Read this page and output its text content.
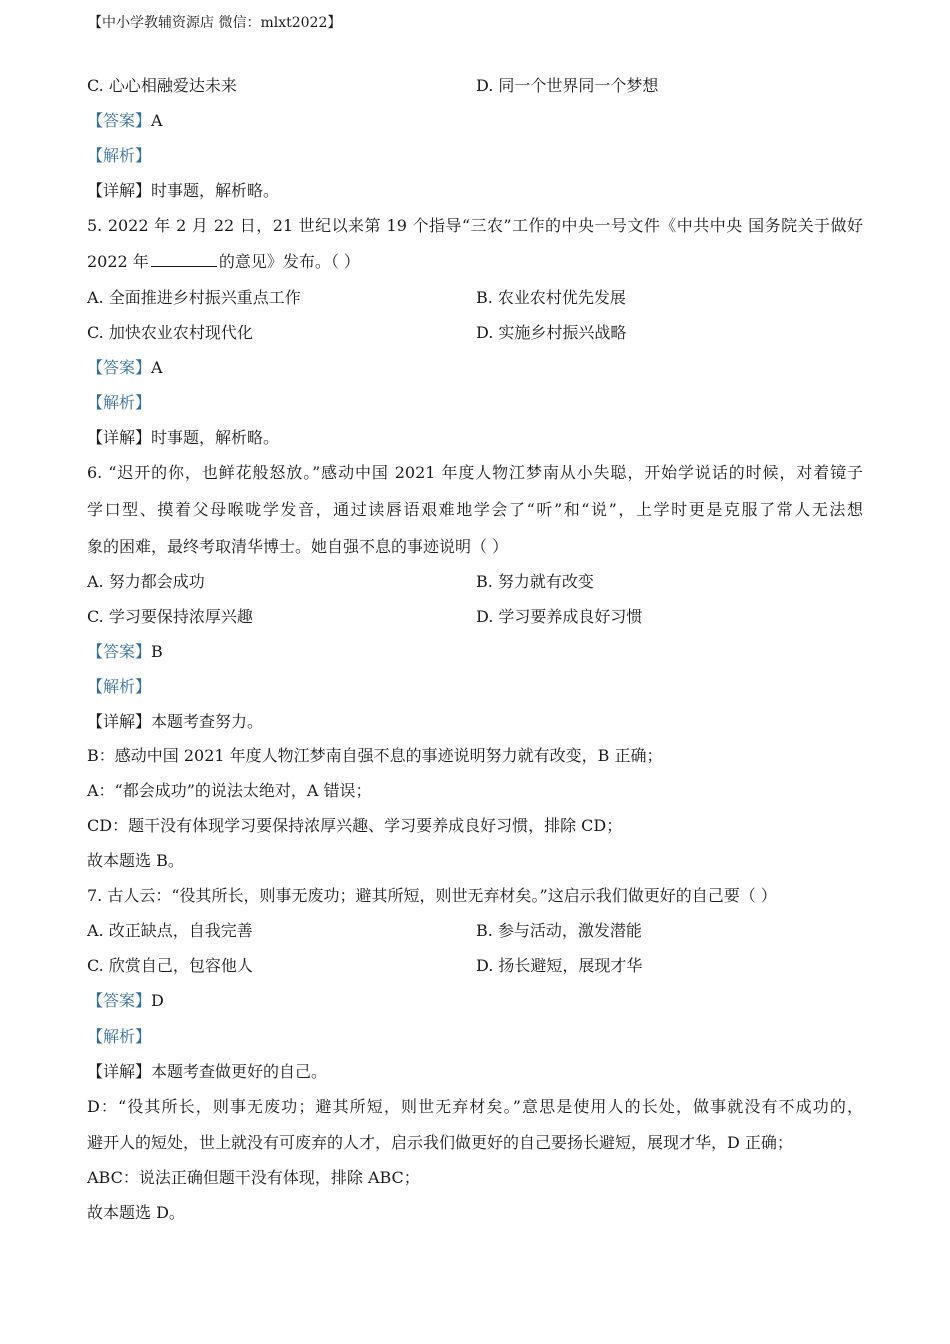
【中小学教辅资源店 微信：mlxt2022】
C. 心心相融爱达未来	D. 同一个世界同一个梦想
【答案】A
【解析】
【详解】时事题，解析略。
5. 2022 年 2 月 22 日，21 世纪以来第 19 个指导“三农”工作的中央一号文件《中共中央 国务院关于做好
2022 年	的意见》发布。（ ）
A. 全面推进乡村振兴重点工作	B. 农业农村优先发展
C. 加快农业农村现代化	D. 实施乡村振兴战略
【答案】A
【解析】
【详解】时事题，解析略。
6. “迟开的你，也鲜花般怒放。”感动中国 2021 年度人物江梦南从小失聪，开始学说话的时候，对着镜子
学口型、摸着父母喉咙学发音，通过读唇语艰难地学会了“听”和“说”，上学时更是克服了常人无法想
象的困难，最终考取清华博士。她自强不息的事迹说明（ ）
A. 努力都会成功	B. 努力就有改变
C. 学习要保持浓厚兴趣	D. 学习要养成良好习惯
【答案】B
【解析】
【详解】本题考查努力。
B：感动中国 2021 年度人物江梦南自强不息的事迹说明努力就有改变，B 正确；
A：“都会成功”的说法太绝对，A 错误；
CD：题干没有体现学习要保持浓厚兴趣、学习要养成良好习惯，排除 CD；
故本题选 B。
7. 古人云：“役其所长，则事无废功；避其所短，则世无弃材矣。”这启示我们做更好的自己要（ ）
A. 改正缺点，自我完善	B. 参与活动，激发潜能
C. 欣赏自己，包容他人	D. 扬长避短，展现才华
【答案】D
【解析】
【详解】本题考查做更好的自己。
D：“役其所长，则事无废功；避其所短，则世无弃材矣。”意思是使用人的长处，做事就没有不成功的，
避开人的短处，世上就没有可废弃的人才，启示我们做更好的自己要扬长避短，展现才华，D 正确；
ABC：说法正确但题干没有体现，排除 ABC；
故本题选 D。
